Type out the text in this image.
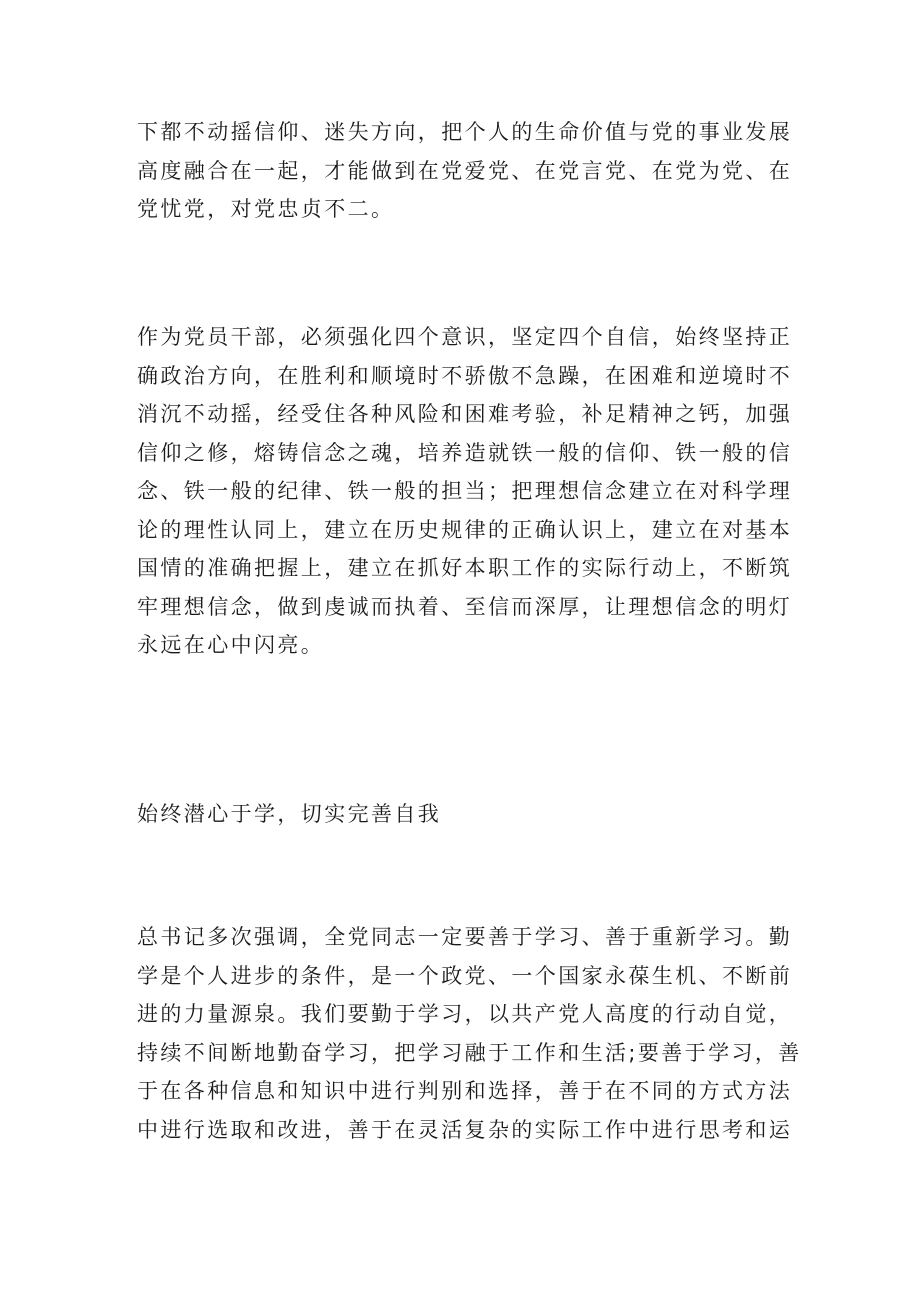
下都不动摇信仰、迷失方向，把个人的生命价值与党的事业发展
高度融合在一起，才能做到在党爱党、在党言党、在党为党、在
党忧党，对党忠贞不二。
作为党员干部，必须强化四个意识，坚定四个自信，始终坚持正
确政治方向，在胜利和顺境时不骄傲不急躁，在困难和逆境时不
消沉不动摇，经受住各种风险和困难考验，补足精神之钙，加强
信仰之修，熔铸信念之魂，培养造就铁一般的信仰、铁一般的信
念、铁一般的纪律、铁一般的担当；把理想信念建立在对科学理
论的理性认同上，建立在历史规律的正确认识上，建立在对基本
国情的准确把握上，建立在抓好本职工作的实际行动上，不断筑
牢理想信念，做到虔诚而执着、至信而深厚，让理想信念的明灯
永远在心中闪亮。
始终潜心于学，切实完善自我
总书记多次强调，全党同志一定要善于学习、善于重新学习。勤
学是个人进步的条件，是一个政党、一个国家永葆生机、不断前
进的力量源泉。我们要勤于学习，以共产党人高度的行动自觉，
持续不间断地勤奋学习，把学习融于工作和生活;要善于学习，善
于在各种信息和知识中进行判别和选择，善于在不同的方式方法
中进行选取和改进，善于在灵活复杂的实际工作中进行思考和运
